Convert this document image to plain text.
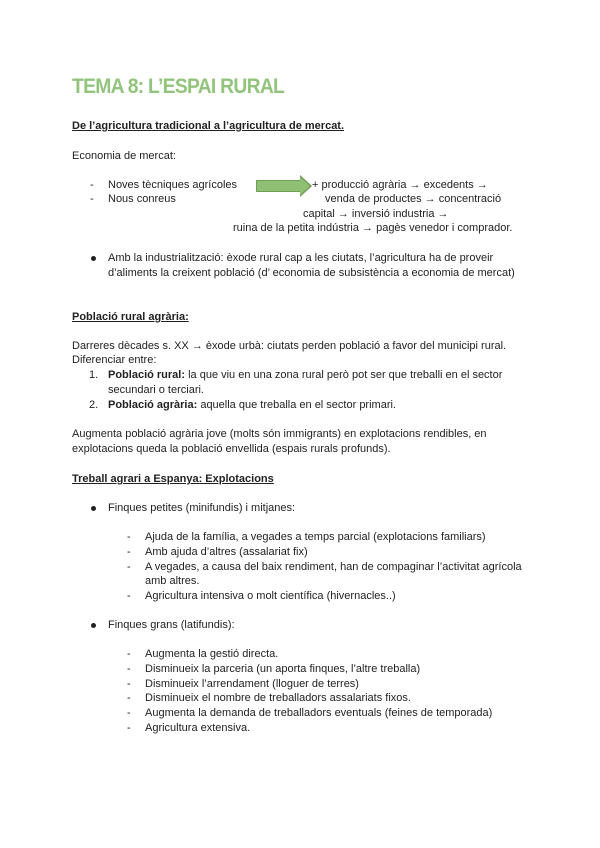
TEMA 8: L’ESPAI RURAL
De l’agricultura tradicional a l’agricultura de mercat.
Economia de mercat:
- Noves tècniques agrícoles
- Nous conreus
+ producció agrària → excedents →
venda de productes → concentració
capital → inversió industria →
ruina de la petita indústria → pagès venedor i comprador.
Amb la industrialització: èxode rural cap a les ciutats, l’agricultura ha de proveir
d’aliments la creixent població (d’ economia de subsistència a economia de mercat)
Població rural agrària:
Darreres dècades s. XX → èxode urbà: ciutats perden població a favor del municipi rural.
Diferenciar entre:
1. Població rural: la que viu en una zona rural però pot ser que treballi en el sector
secundari o terciari.
2. Població agrària: aquella que treballa en el sector primari.
Augmenta població agrària jove (molts són immigrants) en explotacions rendibles, en
explotacions queda la població envellida (espais rurals profunds).
Treball agrari a Espanya: Explotacions
Finques petites (minifundis) i mitjanes:
- Ajuda de la família, a vegades a temps parcial (explotacions familiars)
- Amb ajuda d’altres (assalariat fix)
- A vegades, a causa del baix rendiment, han de compaginar l’activitat agrícola
amb altres.
- Agricultura intensiva o molt científica (hivernacles..)
Finques grans (latifundis):
- Augmenta la gestió directa.
- Disminueix la parceria (un aporta finques, l’altre treballa)
- Disminueix l’arrendament (lloguer de terres)
- Disminueix el nombre de treballadors assalariats fixos.
- Augmenta la demanda de treballadors eventuals (feines de temporada)
- Agricultura extensiva.
